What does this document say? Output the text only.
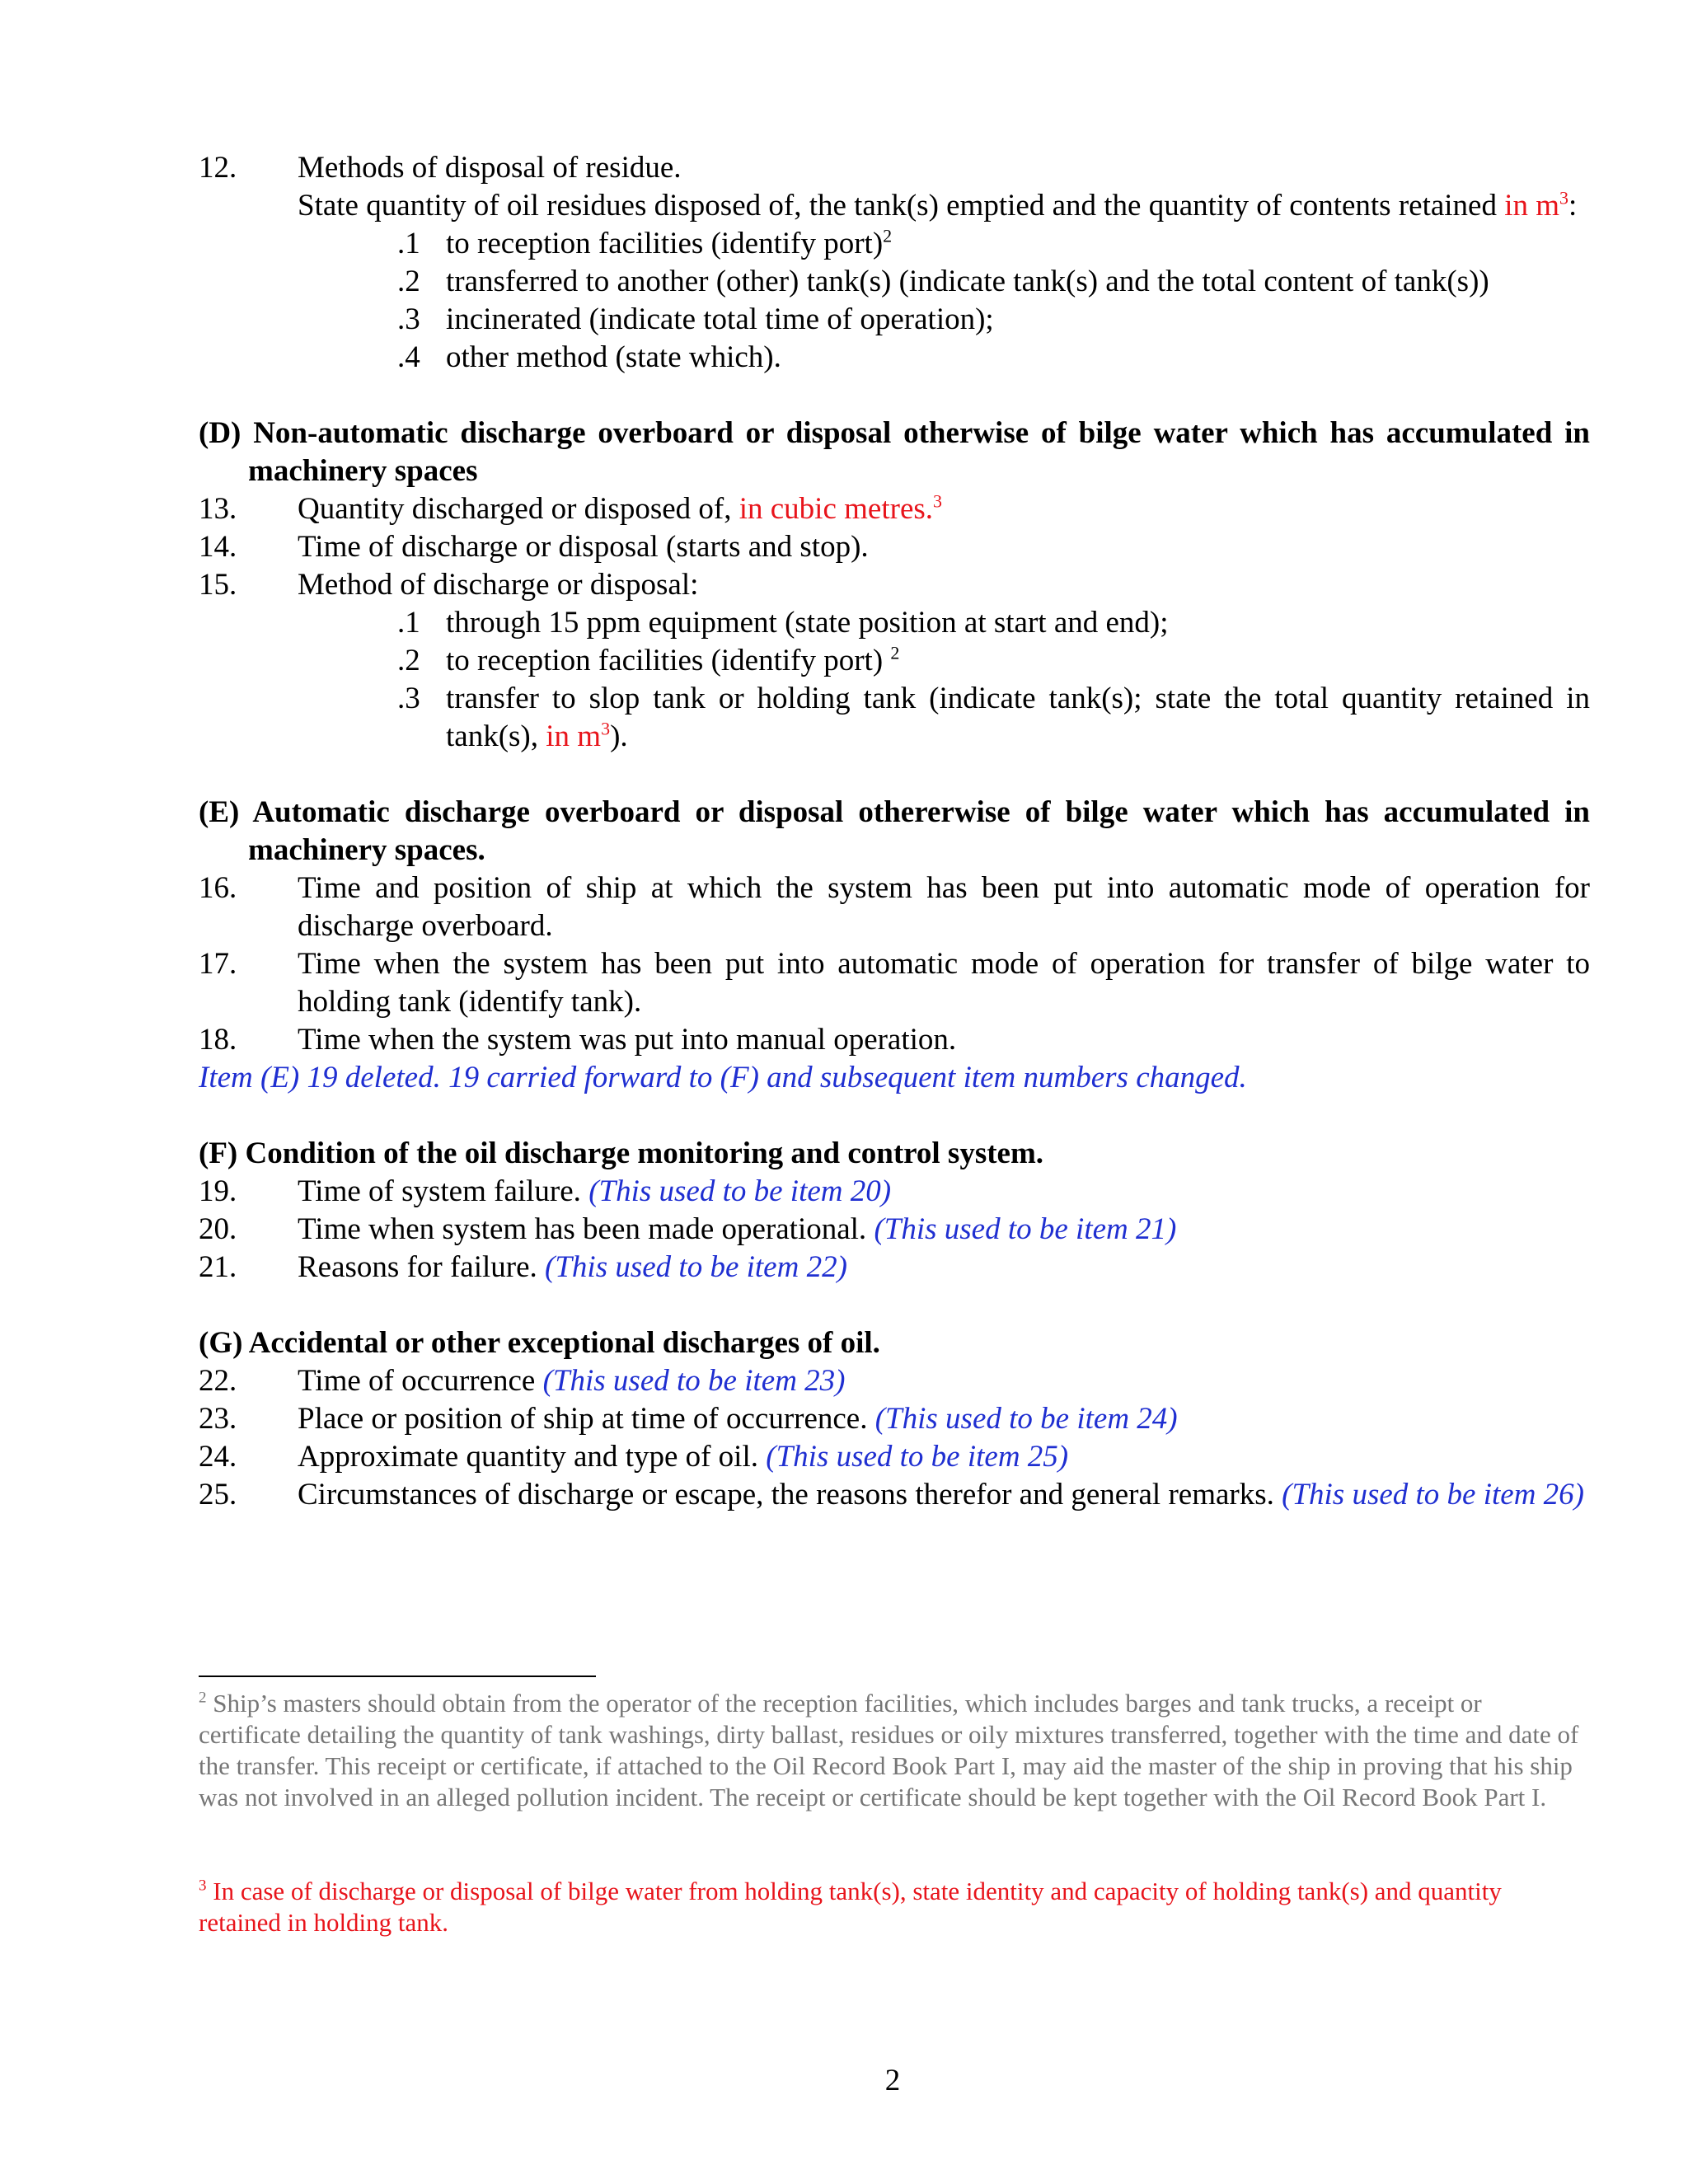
12. Methods of disposal of residue.
State quantity of oil residues disposed of, the tank(s) emptied and the quantity of contents retained in $m^3$:
.1 to reception facilities (identify port)$^2$
.2 transferred to another (other) tank(s) (indicate tank(s) and the total content of tank(s))
.3 incinerated (indicate total time of operation);
.4 other method (state which).
(D) Non-automatic discharge overboard or disposal otherwise of bilge water which has accumulated in machinery spaces
13. Quantity discharged or disposed of, in cubic metres.$^3$
14. Time of discharge or disposal (starts and stop).
15. Method of discharge or disposal:
.1 through 15 ppm equipment (state position at start and end);
.2 to reception facilities (identify port) $^2$
.3 transfer to slop tank or holding tank (indicate tank(s); state the total quantity retained in tank(s), in $m^3$).
(E) Automatic discharge overboard or disposal othererwise of bilge water which has accumulated in machinery spaces.
16. Time and position of ship at which the system has been put into automatic mode of operation for discharge overboard.
17. Time when the system has been put into automatic mode of operation for transfer of bilge water to holding tank (identify tank).
18. Time when the system was put into manual operation.
Item (E) 19 deleted. 19 carried forward to (F) and subsequent item numbers changed.
(F) Condition of the oil discharge monitoring and control system.
19. Time of system failure. (This used to be item 20)
20. Time when system has been made operational. (This used to be item 21)
21. Reasons for failure. (This used to be item 22)
(G) Accidental or other exceptional discharges of oil.
22. Time of occurrence (This used to be item 23)
23. Place or position of ship at time of occurrence. (This used to be item 24)
24. Approximate quantity and type of oil. (This used to be item 25)
25. Circumstances of discharge or escape, the reasons therefor and general remarks. (This used to be item 26)
$^2$ Ship’s masters should obtain from the operator of the reception facilities, which includes barges and tank trucks, a receipt or certificate detailing the quantity of tank washings, dirty ballast, residues or oily mixtures transferred, together with the time and date of the transfer. This receipt or certificate, if attached to the Oil Record Book Part I, may aid the master of the ship in proving that his ship was not involved in an alleged pollution incident. The receipt or certificate should be kept together with the Oil Record Book Part I.
$^3$ In case of discharge or disposal of bilge water from holding tank(s), state identity and capacity of holding tank(s) and quantity retained in holding tank.
2
